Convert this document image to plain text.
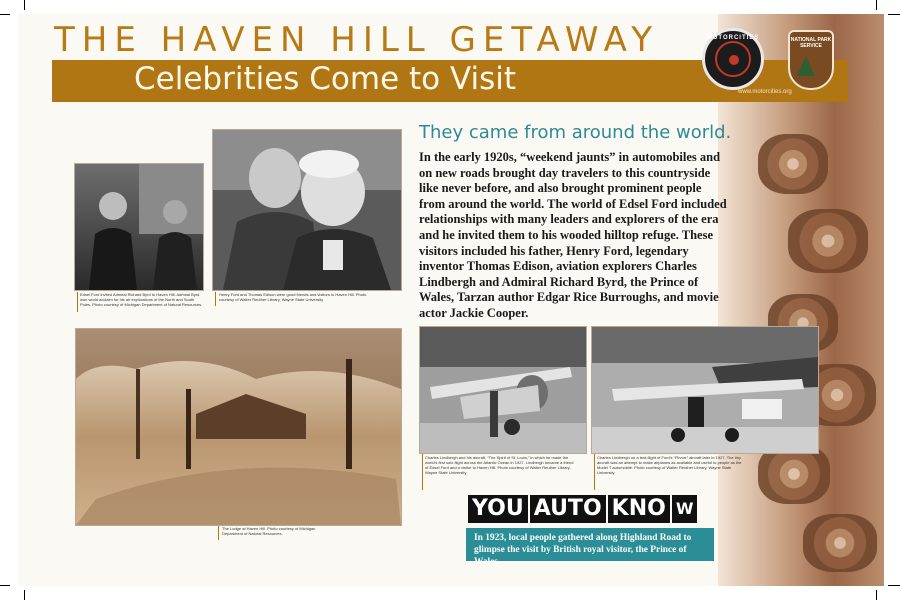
THE HAVEN HILL GETAWAY
Celebrities Come to Visit	www.motorcities.org
MOTORCITIES	NATIONAL PARK SERVICE
Edsel Ford invited Admiral Richard Byrd to Haven Hill. Admiral Byrd won world acclaim for his air explorations of the North and South Poles. Photo courtesy of Michigan Department of Natural Resources.
Henry Ford and Thomas Edison were good friends and visitors to Haven Hill. Photo courtesy of Walter Reuther Library, Wayne State University
The Lodge at Haven Hill. Photo courtesy of Michigan Department of Natural Resources.
They came from around the world.
In the early 1920s, “weekend jaunts” in automobiles and on new roads brought day travelers to this countryside like never before, and also brought prominent people from around the world. The world of Edsel Ford included relationships with many leaders and explorers of the era and he invited them to his wooded hilltop refuge. These visitors included his father, Henry Ford, legendary inventor Thomas Edison, aviation explorers Charles Lindbergh and Admiral Richard Byrd, the Prince of Wales, Tarzan author Edgar Rice Burroughs, and movie actor Jackie Cooper.
Charles Lindbergh and his aircraft, “The Spirit of St. Louis,” in which he made the world’s first solo flight across the Atlantic Ocean in 1927. Lindbergh became a friend of Edsel Ford and a visitor to Haven Hill. Photo courtesy of Walter Reuther Library, Wayne State University
Charles Lindbergh on a test-flight of Ford’s “Flivver” aircraft later in 1927. The tiny aircraft was an attempt to make airplanes as available and useful to people as the Model T automobile. Photo courtesy of Walter Reuther Library, Wayne State University
YOU AUTO KNO W
In 1923, local people gathered along Highland Road to glimpse the visit by British royal visitor, the Prince of Wales.
